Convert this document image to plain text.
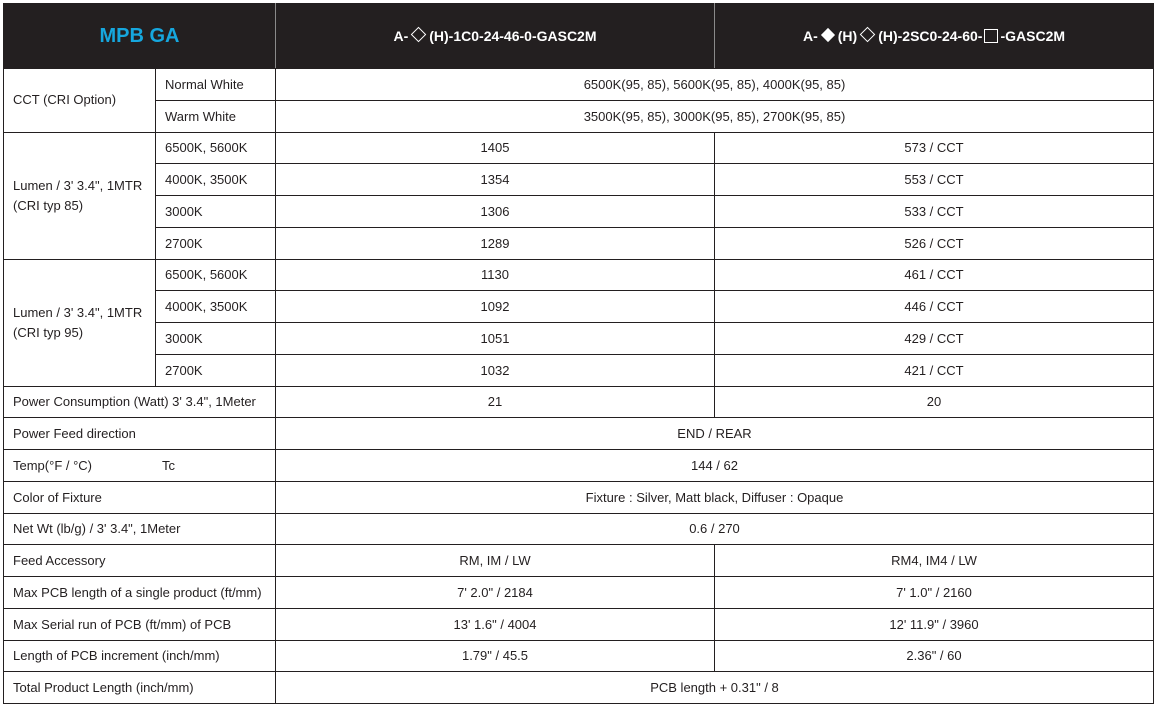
MPB GA		A- (H)-1C0-24-46-0-GASC2M	A- (H) (H)-2SC0-24-60- -GASC2M
CCT (CRI Option)	Normal White	6500K(95, 85), 5600K(95, 85), 4000K(95, 85)	
	Warm White	3500K(95, 85), 3000K(95, 85), 2700K(95, 85)	
Lumen / 3' 3.4", 1MTR
(CRI typ 85)	6500K, 5600K	1405	573 / CCT
	4000K, 3500K	1354	553 / CCT
	3000K	1306	533 / CCT
	2700K	1289	526 / CCT
Lumen / 3' 3.4", 1MTR
(CRI typ 95)	6500K, 5600K	1130	461 / CCT
	4000K, 3500K	1092	446 / CCT
	3000K	1051	429 / CCT
	2700K	1032	421 / CCT
Power Consumption (Watt) 3' 3.4", 1Meter		21	20
Power Feed direction		END / REAR	
Temp(°F / °C) Tc		144 / 62	
Color of Fixture		Fixture : Silver, Matt black, Diffuser : Opaque	
Net Wt (lb/g) / 3' 3.4", 1Meter		0.6 / 270	
Feed Accessory		RM, IM / LW	RM4, IM4 / LW
Max PCB length of a single product (ft/mm)		7' 2.0" / 2184	7' 1.0" / 2160
Max Serial run of PCB (ft/mm) of PCB		13' 1.6" / 4004	12' 11.9" / 3960
Length of PCB increment (inch/mm)		1.79" / 45.5	2.36" / 60
Total Product Length (inch/mm)		PCB length + 0.31" / 8	
